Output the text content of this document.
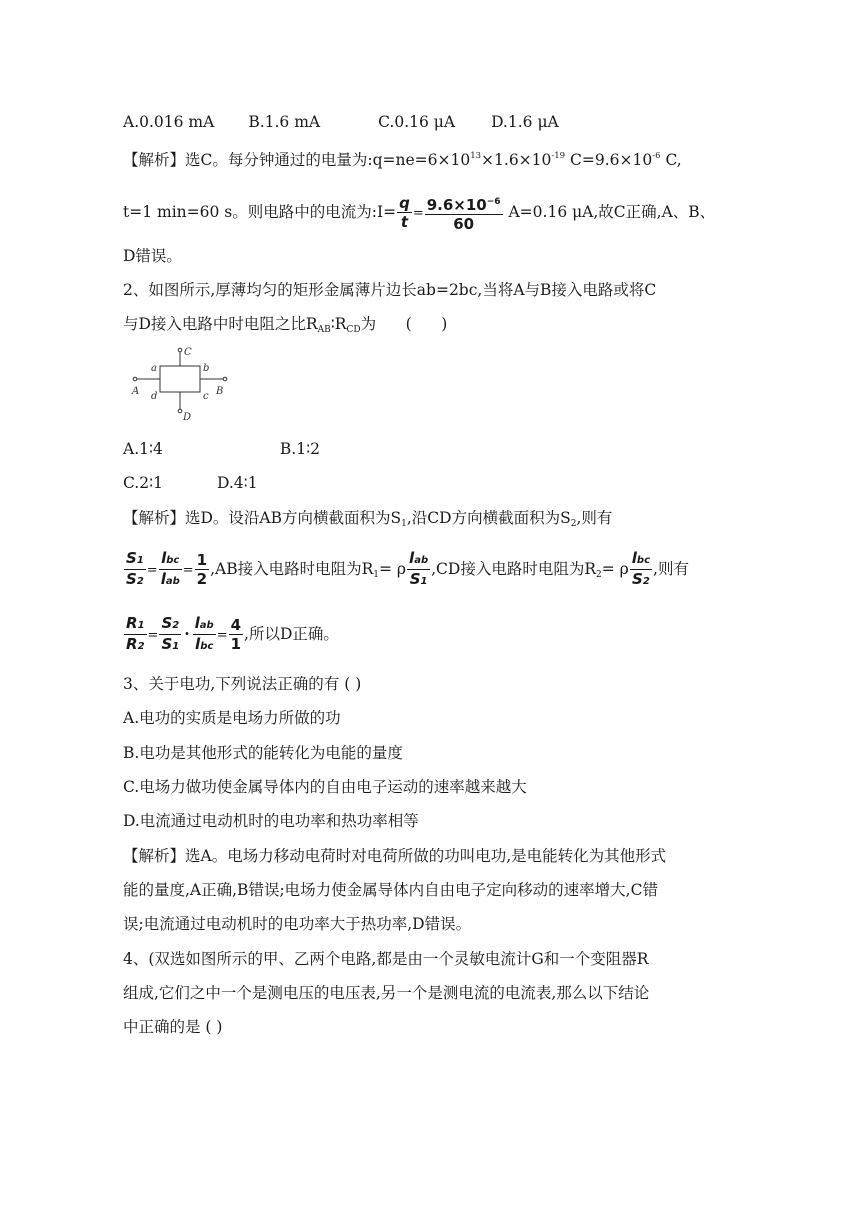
A.0.016 mA B.1.6 mA	C.0.16 μA D.1.6 μA
【解析】选C。每分钟通过的电量为$:q=ne=6\times 10^{13}\times 1.6\times 10^{-19}$ $C=9.6\times 10^{-6}$ C,
t=1 min=60 s。则电路中的电流为:I= $\frac{q}{t} = \frac{9.6\times 10^{-6}}{60} A=0.16$ μA,故C正确,A、B、
D错误。
2、如图所示,厚薄均匀的矩形金属薄片边长ab=2bc,当将A与B接入电路或将C
与D接入电路中时电阻之比$R_{AB}∶R_{CD}$为      (      )
C
a	b
A	B
d	c
D
A.1∶4	B.1∶2
C.2∶1	D.4∶1
【解析】选D。设沿AB方向横截面积为$S_1$,沿CD方向横截面积为$S_2$,则有
$\frac{S1}{S2} = \frac{\text{lbc}}{\text{lab}} = \frac{1}{2} ,AB$接入电路时电阻为$R_1= \rho \frac{\text{lab}}{S1} ,CD$接入电路时电阻为$R_2= \rho \frac{\text{lbc}}{S2}$ ,则有
$\frac{R1}{R2} = \frac{S2}{S1} \cdot \frac{\text{lab}}{\text{lbc}} = \frac{4}{1}$ ,所以D正确。
3、关于电功,下列说法正确的有 ( )
A.电功的实质是电场力所做的功
B.电功是其他形式的能转化为电能的量度
C.电场力做功使金属导体内的自由电子运动的速率越来越大
D.电流通过电动机时的电功率和热功率相等
【解析】选A。电场力移动电荷时对电荷所做的功叫电功,是电能转化为其他形式
能的量度,A正确,B错误;电场力使金属导体内自由电子定向移动的速率增大,C错
误;电流通过电动机时的电功率大于热功率,D错误。
4、(双选如图所示的甲、乙两个电路,都是由一个灵敏电流计G和一个变阻器R
组成,它们之中一个是测电压的电压表,另一个是测电流的电流表,那么以下结论
中正确的是 ( )
